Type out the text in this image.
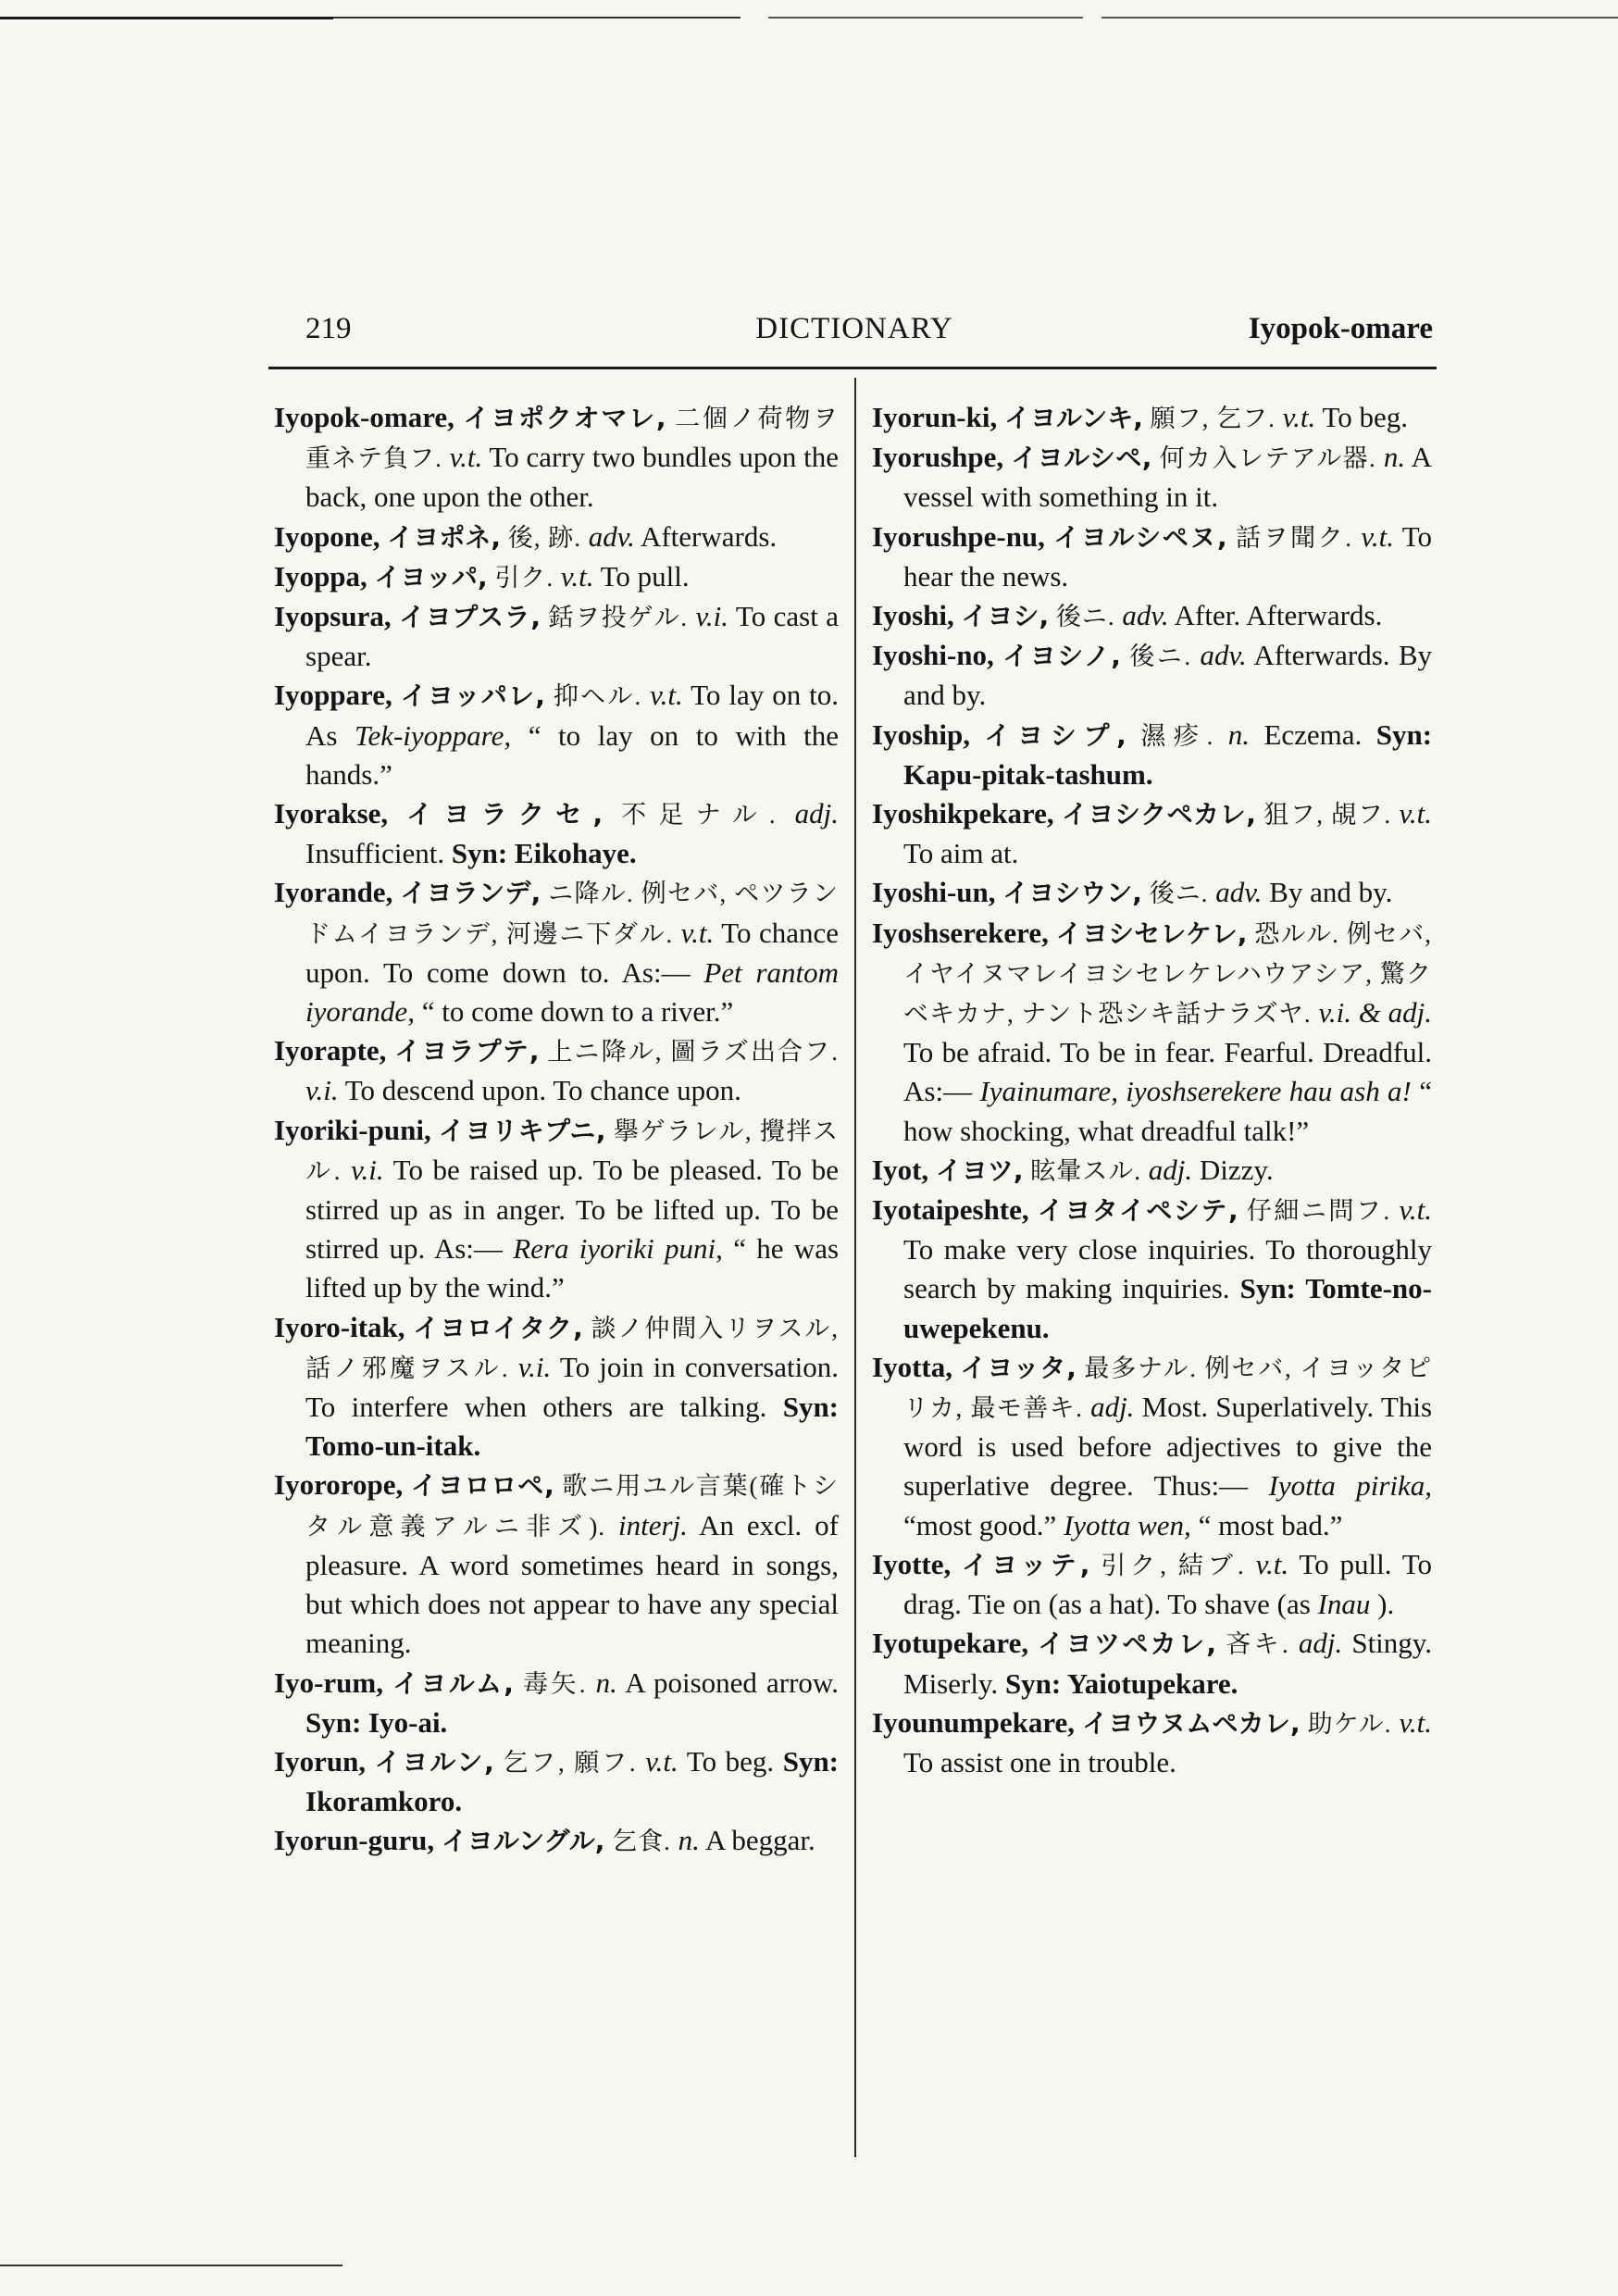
219	DICTIONARY	Iyopok-omare

Iyopok-omare, イヨポクオマレ, 二個ノ荷物ヲ重ネテ負フ. v.t. To carry two bundles upon the back, one upon the other.

Iyopone, イヨポネ, 後, 跡. adv. Afterwards.

Iyoppa, イヨッパ, 引ク. v.t. To pull.

Iyopsura, イヨプスラ, 銛ヲ投ゲル. v.i. To cast a spear.

Iyoppare, イヨッパレ, 抑ヘル. v.t. To lay on to. As Tek-iyoppare, “ to lay on to with the hands.”

Iyorakse, イヨラクセ, 不足ナル. adj. Insufficient. Syn: Eikohaye.

Iyorande, イヨランデ, ニ降ル. 例セバ, ペツランドムイヨランデ, 河邊ニ下ダル. v.t. To chance upon. To come down to. As:— Pet rantom iyorande, “ to come down to a river.”

Iyorapte, イヨラプテ, 上ニ降ル, 圖ラズ出合フ. v.i. To descend upon. To chance upon.

Iyoriki-puni, イヨリキプニ, 擧ゲラレル, 攪拌スル. v.i. To be raised up. To be pleased. To be stirred up as in anger. To be lifted up. To be stirred up. As:— Rera iyoriki puni, “ he was lifted up by the wind.”

Iyoro-itak, イヨロイタク, 談ノ仲間入リヲスル, 話ノ邪魔ヲスル. v.i. To join in conversation. To interfere when others are talking. Syn: Tomo-un-itak.

Iyororope, イヨロロペ, 歌ニ用ユル言葉(確トシタル意義アルニ非ズ). interj. An excl. of pleasure. A word sometimes heard in songs, but which does not appear to have any special meaning.

Iyo-rum, イヨルム, 毒矢. n. A poisoned arrow. Syn: Iyo-ai.

Iyorun, イヨルン, 乞フ, 願フ. v.t. To beg. Syn: Ikoramkoro.

Iyorun-guru, イヨルングル, 乞食. n. A beggar.

Iyorun-ki, イヨルンキ, 願フ, 乞フ. v.t. To beg.

Iyorushpe, イヨルシペ, 何カ入レテアル器. n. A vessel with something in it.

Iyorushpe-nu, イヨルシペヌ, 話ヲ聞ク. v.t. To hear the news.

Iyoshi, イヨシ, 後ニ. adv. After. Afterwards.

Iyoshi-no, イヨシノ, 後ニ. adv. Afterwards. By and by.

Iyoship, イヨシプ, 濕疹. n. Eczema. Syn: Kapu-pitak-tashum.

Iyoshikpekare, イヨシクペカレ, 狙フ, 覘フ. v.t. To aim at.

Iyoshi-un, イヨシウン, 後ニ. adv. By and by.

Iyoshserekere, イヨシセレケレ, 恐ルル. 例セバ, イヤイヌマレイヨシセレケレハウアシア, 驚クベキカナ, ナント恐シキ話ナラズヤ. v.i. & adj. To be afraid. To be in fear. Fearful. Dreadful. As:— Iyainumare, iyoshserekere hau ash a! “ how shocking, what dreadful talk!”

Iyot, イヨツ, 眩暈スル. adj. Dizzy.

Iyotaipeshte, イヨタイペシテ, 仔細ニ問フ. v.t. To make very close inquiries. To thoroughly search by making inquiries. Syn: Tomte-no-uwepekenu.

Iyotta, イヨッタ, 最多ナル. 例セバ, イヨッタピリカ, 最モ善キ. adj. Most. Superlatively. This word is used before adjectives to give the superlative degree. Thus:— Iyotta pirika, “most good.” Iyotta wen, “ most bad.”

Iyotte, イヨッテ, 引ク, 結ブ. v.t. To pull. To drag. Tie on (as a hat). To shave (as Inau ).

Iyotupekare, イヨツペカレ, 吝キ. adj. Stingy. Miserly. Syn: Yaiotupekare.

Iyounumpekare, イヨウヌムペカレ, 助ケル. v.t. To assist one in trouble.
